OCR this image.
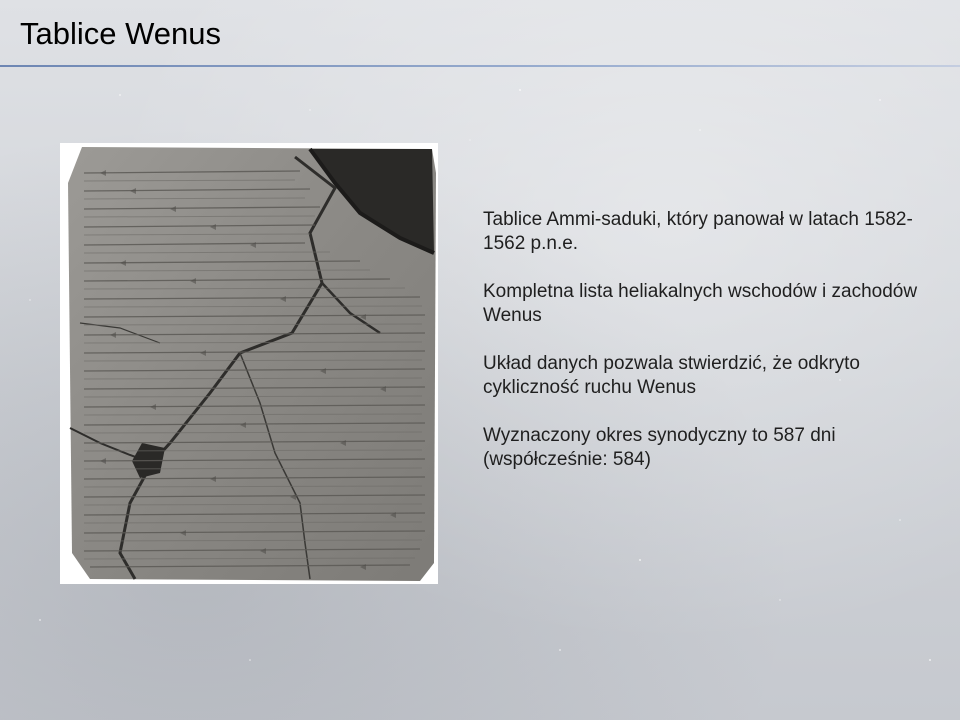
Tablice Wenus

Tablice Ammi-saduki, który panował w latach 1582-1562 p.n.e.

Kompletna lista heliakalnych wschodów i zachodów Wenus

Układ danych pozwala stwierdzić, że odkryto cykliczność ruchu Wenus

Wyznaczony okres synodyczny to 587 dni (współcześnie: 584)
